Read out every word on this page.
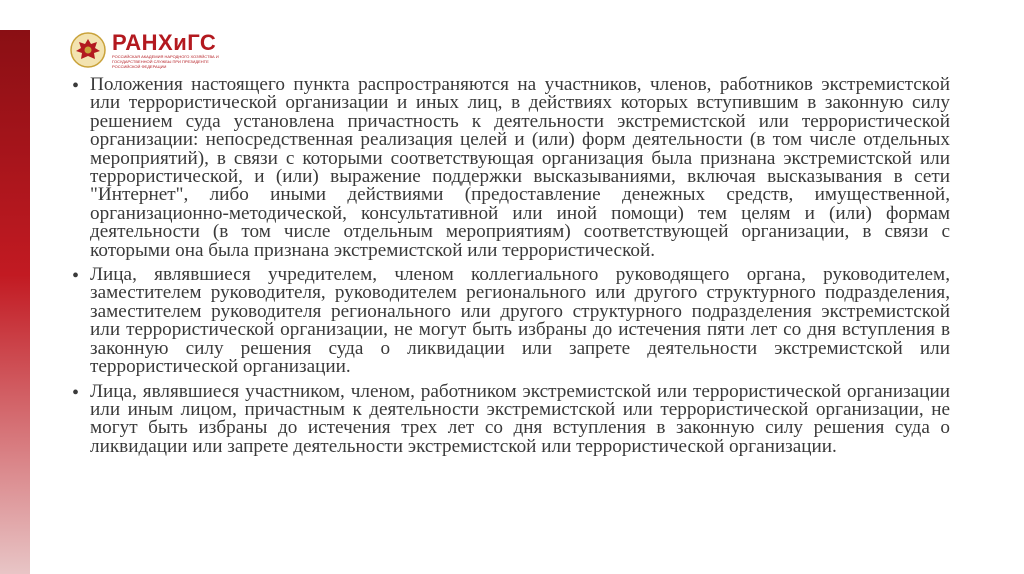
РАНХиГС
РОССИЙСКАЯ АКАДЕМИЯ НАРОДНОГО ХОЗЯЙСТВА И ГОСУДАРСТВЕННОЙ СЛУЖБЫ ПРИ ПРЕЗИДЕНТЕ РОССИЙСКОЙ ФЕДЕРАЦИИ
• Положения настоящего пункта распространяются на участников, членов, работников экстремистской или террористической организации и иных лиц, в действиях которых вступившим в законную силу решением суда установлена причастность к деятельности экстремистской или террористической организации: непосредственная реализация целей и (или) форм деятельности (в том числе отдельных мероприятий), в связи с которыми соответствующая организация была признана экстремистской или террористической, и (или) выражение поддержки высказываниями, включая высказывания в сети "Интернет", либо иными действиями (предоставление денежных средств, имущественной, организационно-методической, консультативной или иной помощи) тем целям и (или) формам деятельности (в том числе отдельным мероприятиям) соответствующей организации, в связи с которыми она была признана экстремистской или террористической.

• Лица, являвшиеся учредителем, членом коллегиального руководящего органа, руководителем, заместителем руководителя, руководителем регионального или другого структурного подразделения, заместителем руководителя регионального или другого структурного подразделения экстремистской или террористической организации, не могут быть избраны до истечения пяти лет со дня вступления в законную силу решения суда о ликвидации или запрете деятельности экстремистской или террористической организации.

• Лица, являвшиеся участником, членом, работником экстремистской или террористической организации или иным лицом, причастным к деятельности экстремистской или террористической организации, не могут быть избраны до истечения трех лет со дня вступления в законную силу решения суда о ликвидации или запрете деятельности экстремистской или террористической организации.
